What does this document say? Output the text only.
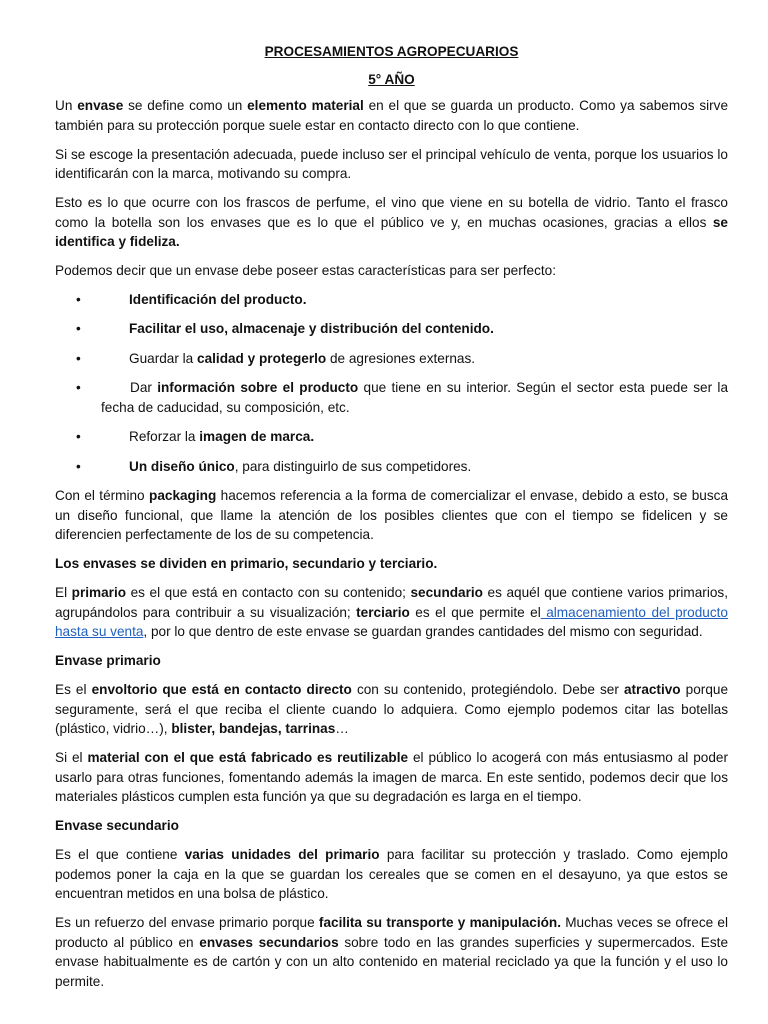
PROCESAMIENTOS AGROPECUARIOS
5° AÑO

Un envase se define como un elemento material en el que se guarda un producto. Como ya sabemos sirve también para su protección porque suele estar en contacto directo con lo que contiene.

Si se escoge la presentación adecuada, puede incluso ser el principal vehículo de venta, porque los usuarios lo identificarán con la marca, motivando su compra.

Esto es lo que ocurre con los frascos de perfume, el vino que viene en su botella de vidrio. Tanto el frasco como la botella son los envases que es lo que el público ve y, en muchas ocasiones, gracias a ellos se identifica y fideliza.

Podemos decir que un envase debe poseer estas características para ser perfecto:

•	Identificación del producto.
•	Facilitar el uso, almacenaje y distribución del contenido.
•	Guardar la calidad y protegerlo de agresiones externas.
•	Dar información sobre el producto que tiene en su interior. Según el sector esta puede ser la fecha de caducidad, su composición, etc.
•	Reforzar la imagen de marca.
•	Un diseño único, para distinguirlo de sus competidores.

Con el término packaging hacemos referencia a la forma de comercializar el envase, debido a esto, se busca un diseño funcional, que llame la atención de los posibles clientes que con el tiempo se fidelicen y se diferencien perfectamente de los de su competencia.

Los envases se dividen en primario, secundario y terciario.

El primario es el que está en contacto con su contenido; secundario es aquél que contiene varios primarios, agrupándolos para contribuir a su visualización; terciario es el que permite el almacenamiento del producto hasta su venta, por lo que dentro de este envase se guardan grandes cantidades del mismo con seguridad.

Envase primario

Es el envoltorio que está en contacto directo con su contenido, protegiéndolo. Debe ser atractivo porque seguramente, será el que reciba el cliente cuando lo adquiera. Como ejemplo podemos citar las botellas (plástico, vidrio…), blister, bandejas, tarrinas…

Si el material con el que está fabricado es reutilizable el público lo acogerá con más entusiasmo al poder usarlo para otras funciones, fomentando además la imagen de marca. En este sentido, podemos decir que los materiales plásticos cumplen esta función ya que su degradación es larga en el tiempo.

Envase secundario

Es el que contiene varias unidades del primario para facilitar su protección y traslado. Como ejemplo podemos poner la caja en la que se guardan los cereales que se comen en el desayuno, ya que estos se encuentran metidos en una bolsa de plástico.

Es un refuerzo del envase primario porque facilita su transporte y manipulación. Muchas veces se ofrece el producto al público en envases secundarios sobre todo en las grandes superficies y supermercados. Este envase habitualmente es de cartón y con un alto contenido en material reciclado ya que la función y el uso lo permite.
